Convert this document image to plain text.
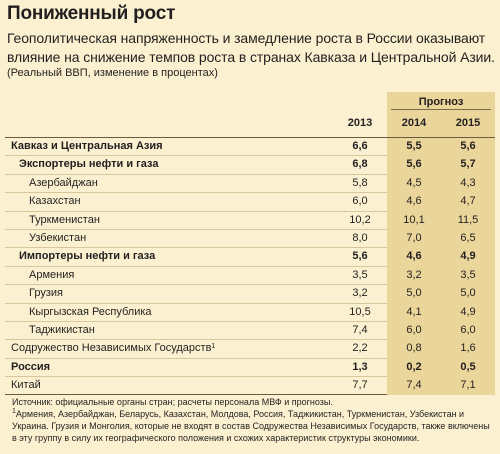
Пониженный рост
Геополитическая напряженность и замедление роста в России оказывают влияние на снижение темпов роста в странах Кавказа и Центральной Азии.
(Реальный ВВП, изменение в процентах)
Прогноз
2013	2014	2015
Кавказ и Центральная Азия	6,6	5,5	5,6
Экспортеры нефти и газа	6,8	5,6	5,7
Азербайджан	5,8	4,5	4,3
Казахстан	6,0	4,6	4,7
Туркменистан	10,2	10,1	11,5
Узбекистан	8,0	7,0	6,5
Импортеры нефти и газа	5,6	4,6	4,9
Армения	3,5	3,2	3,5
Грузия	3,2	5,0	5,0
Кыргызская Республика	10,5	4,1	4,9
Таджикистан	7,4	6,0	6,0
Содружество Независимых Государств$^1$	2,2	0,8	1,6
Россия	1,3	0,2	0,5
Китай	7,7	7,4	7,1

Источник: официальные органы стран; расчеты персонала МВФ и прогнозы.

$^1$Армения, Азербайджан, Беларусь, Казахстан, Молдова, Россия, Таджикистан, Туркменистан, Узбекистан и Украина. Грузия и Монголия, которые не входят в состав Содружества Независимых Государств, также включены в эту группу в силу их географического положения и схожих характеристик структуры экономики.
